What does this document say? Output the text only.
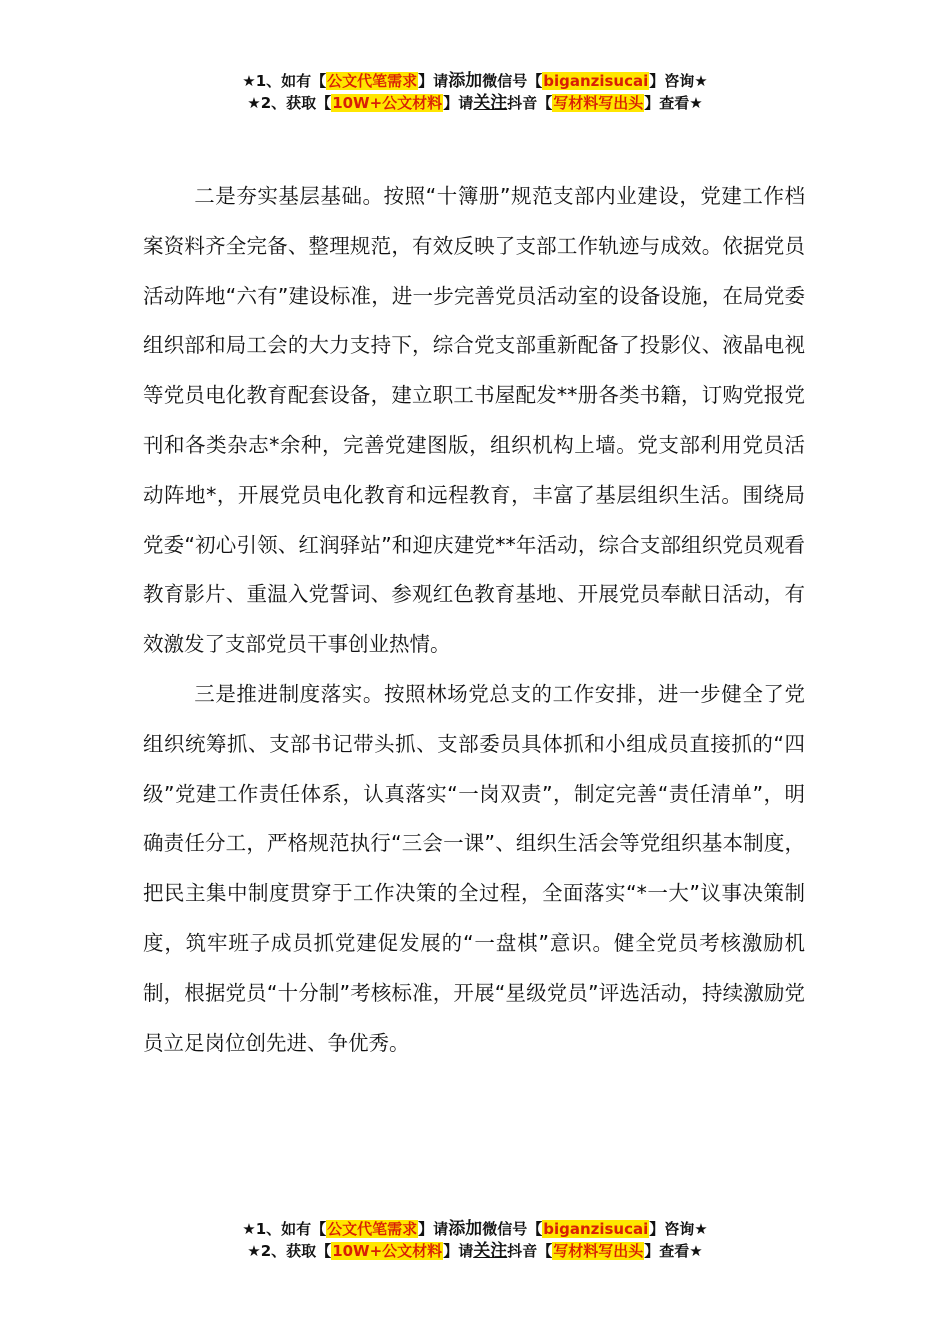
★1、如有【公文代笔需求】请添加微信号【biganzisucai】咨询★
★2、获取【10W+公文材料】请关注抖音【写材料写出头】查看★

二是夯实基层基础。按照“十簿册”规范支部内业建设，党建工作档案资料齐全完备、整理规范，有效反映了支部工作轨迹与成效。依据党员活动阵地“六有”建设标准，进一步完善党员活动室的设备设施，在局党委组织部和局工会的大力支持下，综合党支部重新配备了投影仪、液晶电视等党员电化教育配套设备，建立职工书屋配发**册各类书籍，订购党报党刊和各类杂志*余种，完善党建图版，组织机构上墙。党支部利用党员活动阵地*，开展党员电化教育和远程教育，丰富了基层组织生活。围绕局党委“初心引领、红润驿站”和迎庆建党**年活动，综合支部组织党员观看教育影片、重温入党誓词、参观红色教育基地、开展党员奉献日活动，有效激发了支部党员干事创业热情。

三是推进制度落实。按照林场党总支的工作安排，进一步健全了党组织统筹抓、支部书记带头抓、支部委员具体抓和小组成员直接抓的“四级”党建工作责任体系，认真落实“一岗双责”，制定完善“责任清单”，明确责任分工，严格规范执行“三会一课”、组织生活会等党组织基本制度，把民主集中制度贯穿于工作决策的全过程，全面落实“*一大”议事决策制度，筑牢班子成员抓党建促发展的“一盘棋”意识。健全党员考核激励机制，根据党员“十分制”考核标准，开展“星级党员”评选活动，持续激励党员立足岗位创先进、争优秀。

★1、如有【公文代笔需求】请添加微信号【biganzisucai】咨询★
★2、获取【10W+公文材料】请关注抖音【写材料写出头】查看★
